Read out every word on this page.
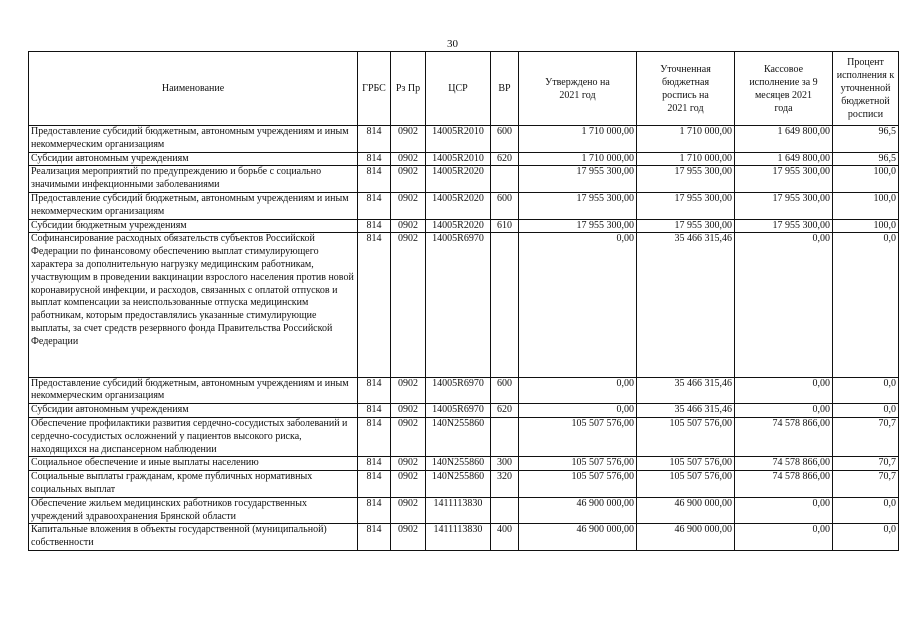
30
Наименование	ГРБС	Рз Пр	ЦСР	ВР	Утверждено на 2021 год	Уточненная бюджетная роспись на 2021 год	Кассовое исполнение за 9 месяцев 2021 года	Процент исполнения к уточненной бюджетной росписи
Предоставление субсидий бюджетным, автономным учреждениям и иным некоммерческим организациям	814	0902	14005R2010	600	1 710 000,00	1 710 000,00	1 649 800,00	96,5
Субсидии автономным учреждениям	814	0902	14005R2010	620	1 710 000,00	1 710 000,00	1 649 800,00	96,5
Реализация мероприятий по предупреждению и борьбе с социально значимыми инфекционными заболеваниями	814	0902	14005R2020		17 955 300,00	17 955 300,00	17 955 300,00	100,0
Предоставление субсидий бюджетным, автономным учреждениям и иным некоммерческим организациям	814	0902	14005R2020	600	17 955 300,00	17 955 300,00	17 955 300,00	100,0
Субсидии бюджетным учреждениям	814	0902	14005R2020	610	17 955 300,00	17 955 300,00	17 955 300,00	100,0
Софинансирование расходных обязательств субъектов Российской Федерации по финансовому обеспечению выплат стимулирующего характера за дополнительную нагрузку медицинским работникам, участвующим в проведении вакцинации взрослого населения против новой коронавирусной инфекции, и расходов, связанных с оплатой отпусков и выплат компенсации за неиспользованные отпуска медицинским работникам, которым предоставлялись указанные стимулирующие выплаты, за счет средств резервного фонда Правительства Российской Федерации	814	0902	14005R6970		0,00	35 466 315,46	0,00	0,0
Предоставление субсидий бюджетным, автономным учреждениям и иным некоммерческим организациям	814	0902	14005R6970	600	0,00	35 466 315,46	0,00	0,0
Субсидии автономным учреждениям	814	0902	14005R6970	620	0,00	35 466 315,46	0,00	0,0
Обеспечение профилактики развития сердечно-сосудистых заболеваний и сердечно-сосудистых осложнений у пациентов высокого риска, находящихся на диспансерном наблюдении	814	0902	140N255860		105 507 576,00	105 507 576,00	74 578 866,00	70,7
Социальное обеспечение и иные выплаты населению	814	0902	140N255860	300	105 507 576,00	105 507 576,00	74 578 866,00	70,7
Социальные выплаты гражданам, кроме публичных нормативных социальных выплат	814	0902	140N255860	320	105 507 576,00	105 507 576,00	74 578 866,00	70,7
Обеспечение жильем медицинских работников государственных учреждений здравоохранения Брянской области	814	0902	1411113830		46 900 000,00	46 900 000,00	0,00	0,0
Капитальные вложения в объекты государственной (муниципальной) собственности	814	0902	1411113830	400	46 900 000,00	46 900 000,00	0,00	0,0
